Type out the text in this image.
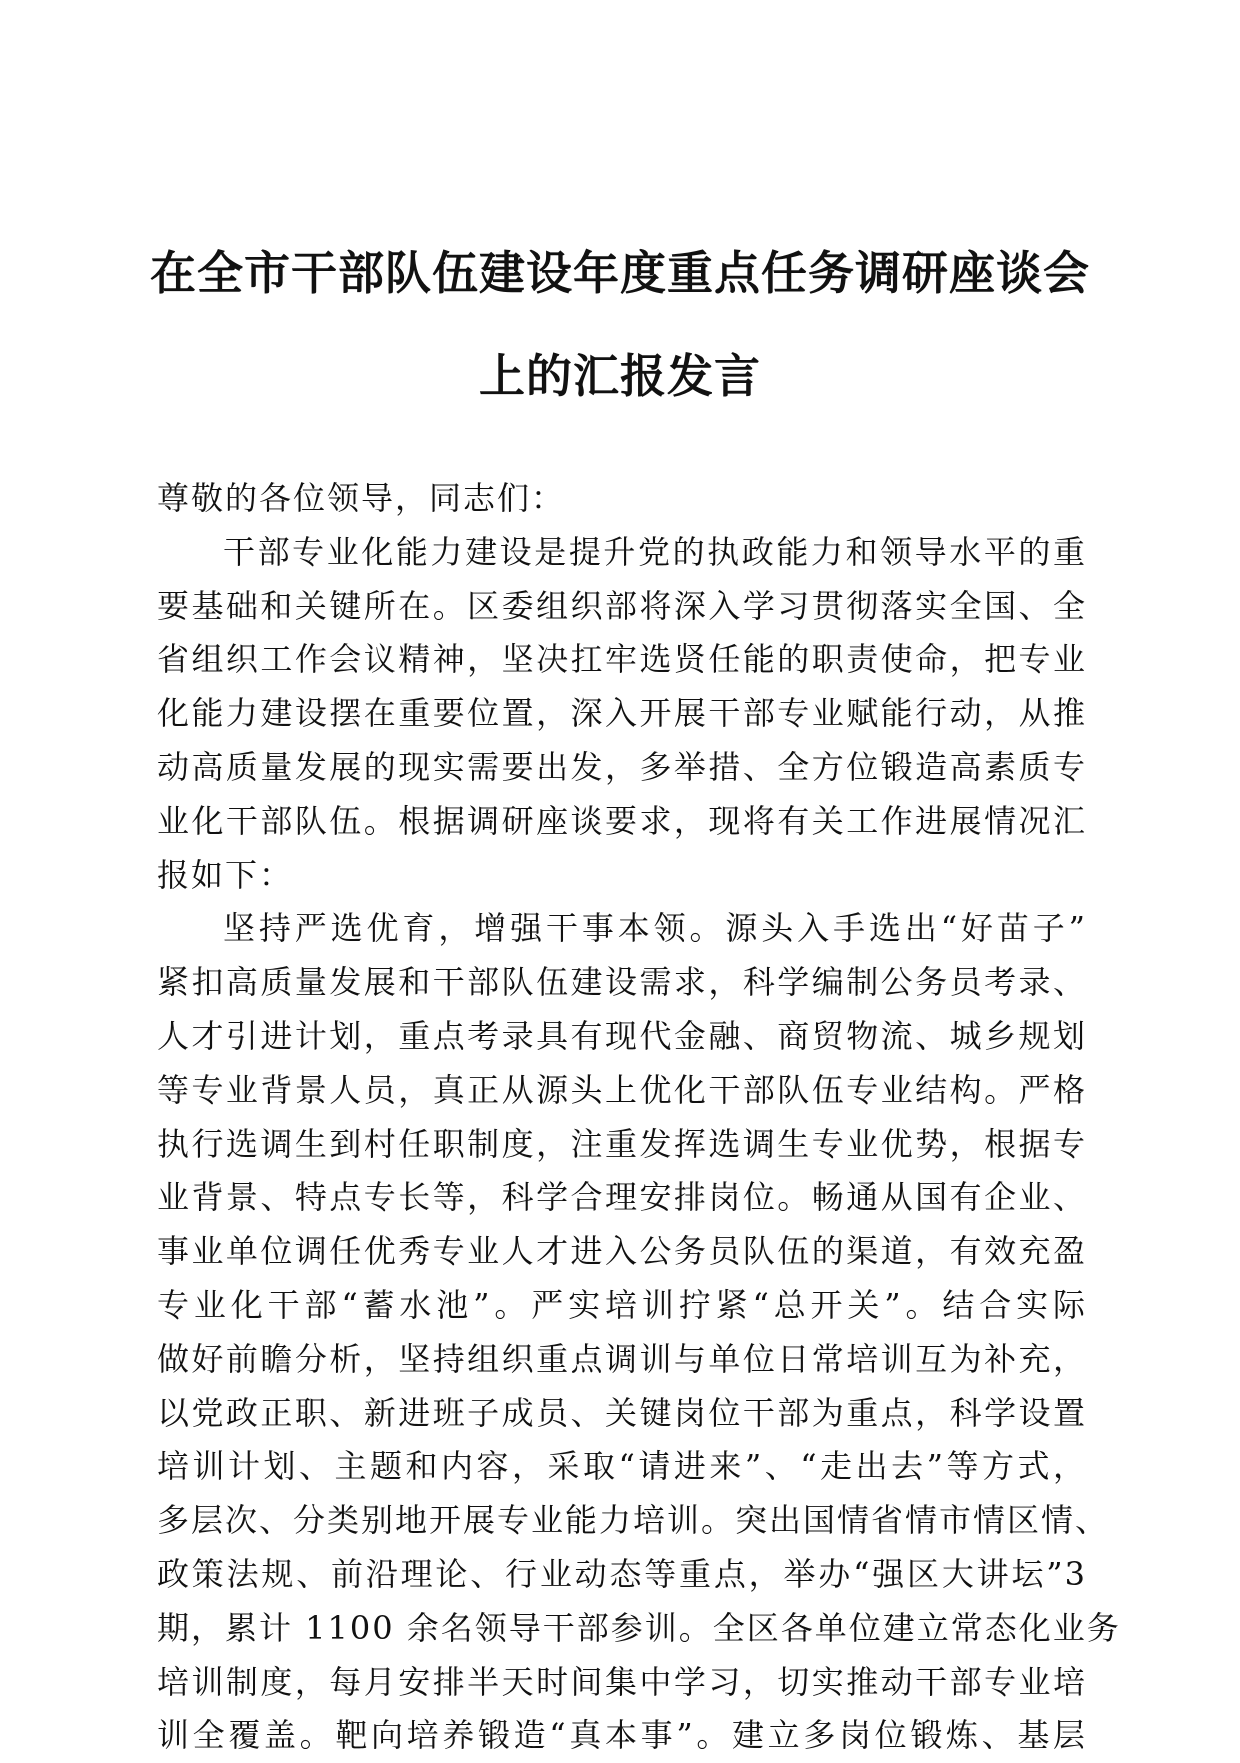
在全市干部队伍建设年度重点任务调研座谈会
上的汇报发言
尊敬的各位领导，同志们：
干部专业化能力建设是提升党的执政能力和领导水平的重
要基础和关键所在。区委组织部将深入学习贯彻落实全国、全
省组织工作会议精神，坚决扛牢选贤任能的职责使命，把专业
化能力建设摆在重要位置，深入开展干部专业赋能行动，从推
动高质量发展的现实需要出发，多举措、全方位锻造高素质专
业化干部队伍。根据调研座谈要求，现将有关工作进展情况汇
报如下：
坚持严选优育，增强干事本领。源头入手选出“好苗子”
紧扣高质量发展和干部队伍建设需求，科学编制公务员考录、
人才引进计划，重点考录具有现代金融、商贸物流、城乡规划
等专业背景人员，真正从源头上优化干部队伍专业结构。严格
执行选调生到村任职制度，注重发挥选调生专业优势，根据专
业背景、特点专长等，科学合理安排岗位。畅通从国有企业、
事业单位调任优秀专业人才进入公务员队伍的渠道，有效充盈
专业化干部“蓄水池”。严实培训拧紧“总开关”。结合实际
做好前瞻分析，坚持组织重点调训与单位日常培训互为补充，
以党政正职、新进班子成员、关键岗位干部为重点，科学设置
培训计划、主题和内容，采取“请进来”、“走出去”等方式，
多层次、分类别地开展专业能力培训。突出国情省情市情区情、
政策法规、前沿理论、行业动态等重点，举办“强区大讲坛”3
期，累计 1100 余名领导干部参训。全区各单位建立常态化业务
培训制度，每月安排半天时间集中学习，切实推动干部专业培
训全覆盖。靶向培养锻造“真本事”。建立多岗位锻炼、基层
